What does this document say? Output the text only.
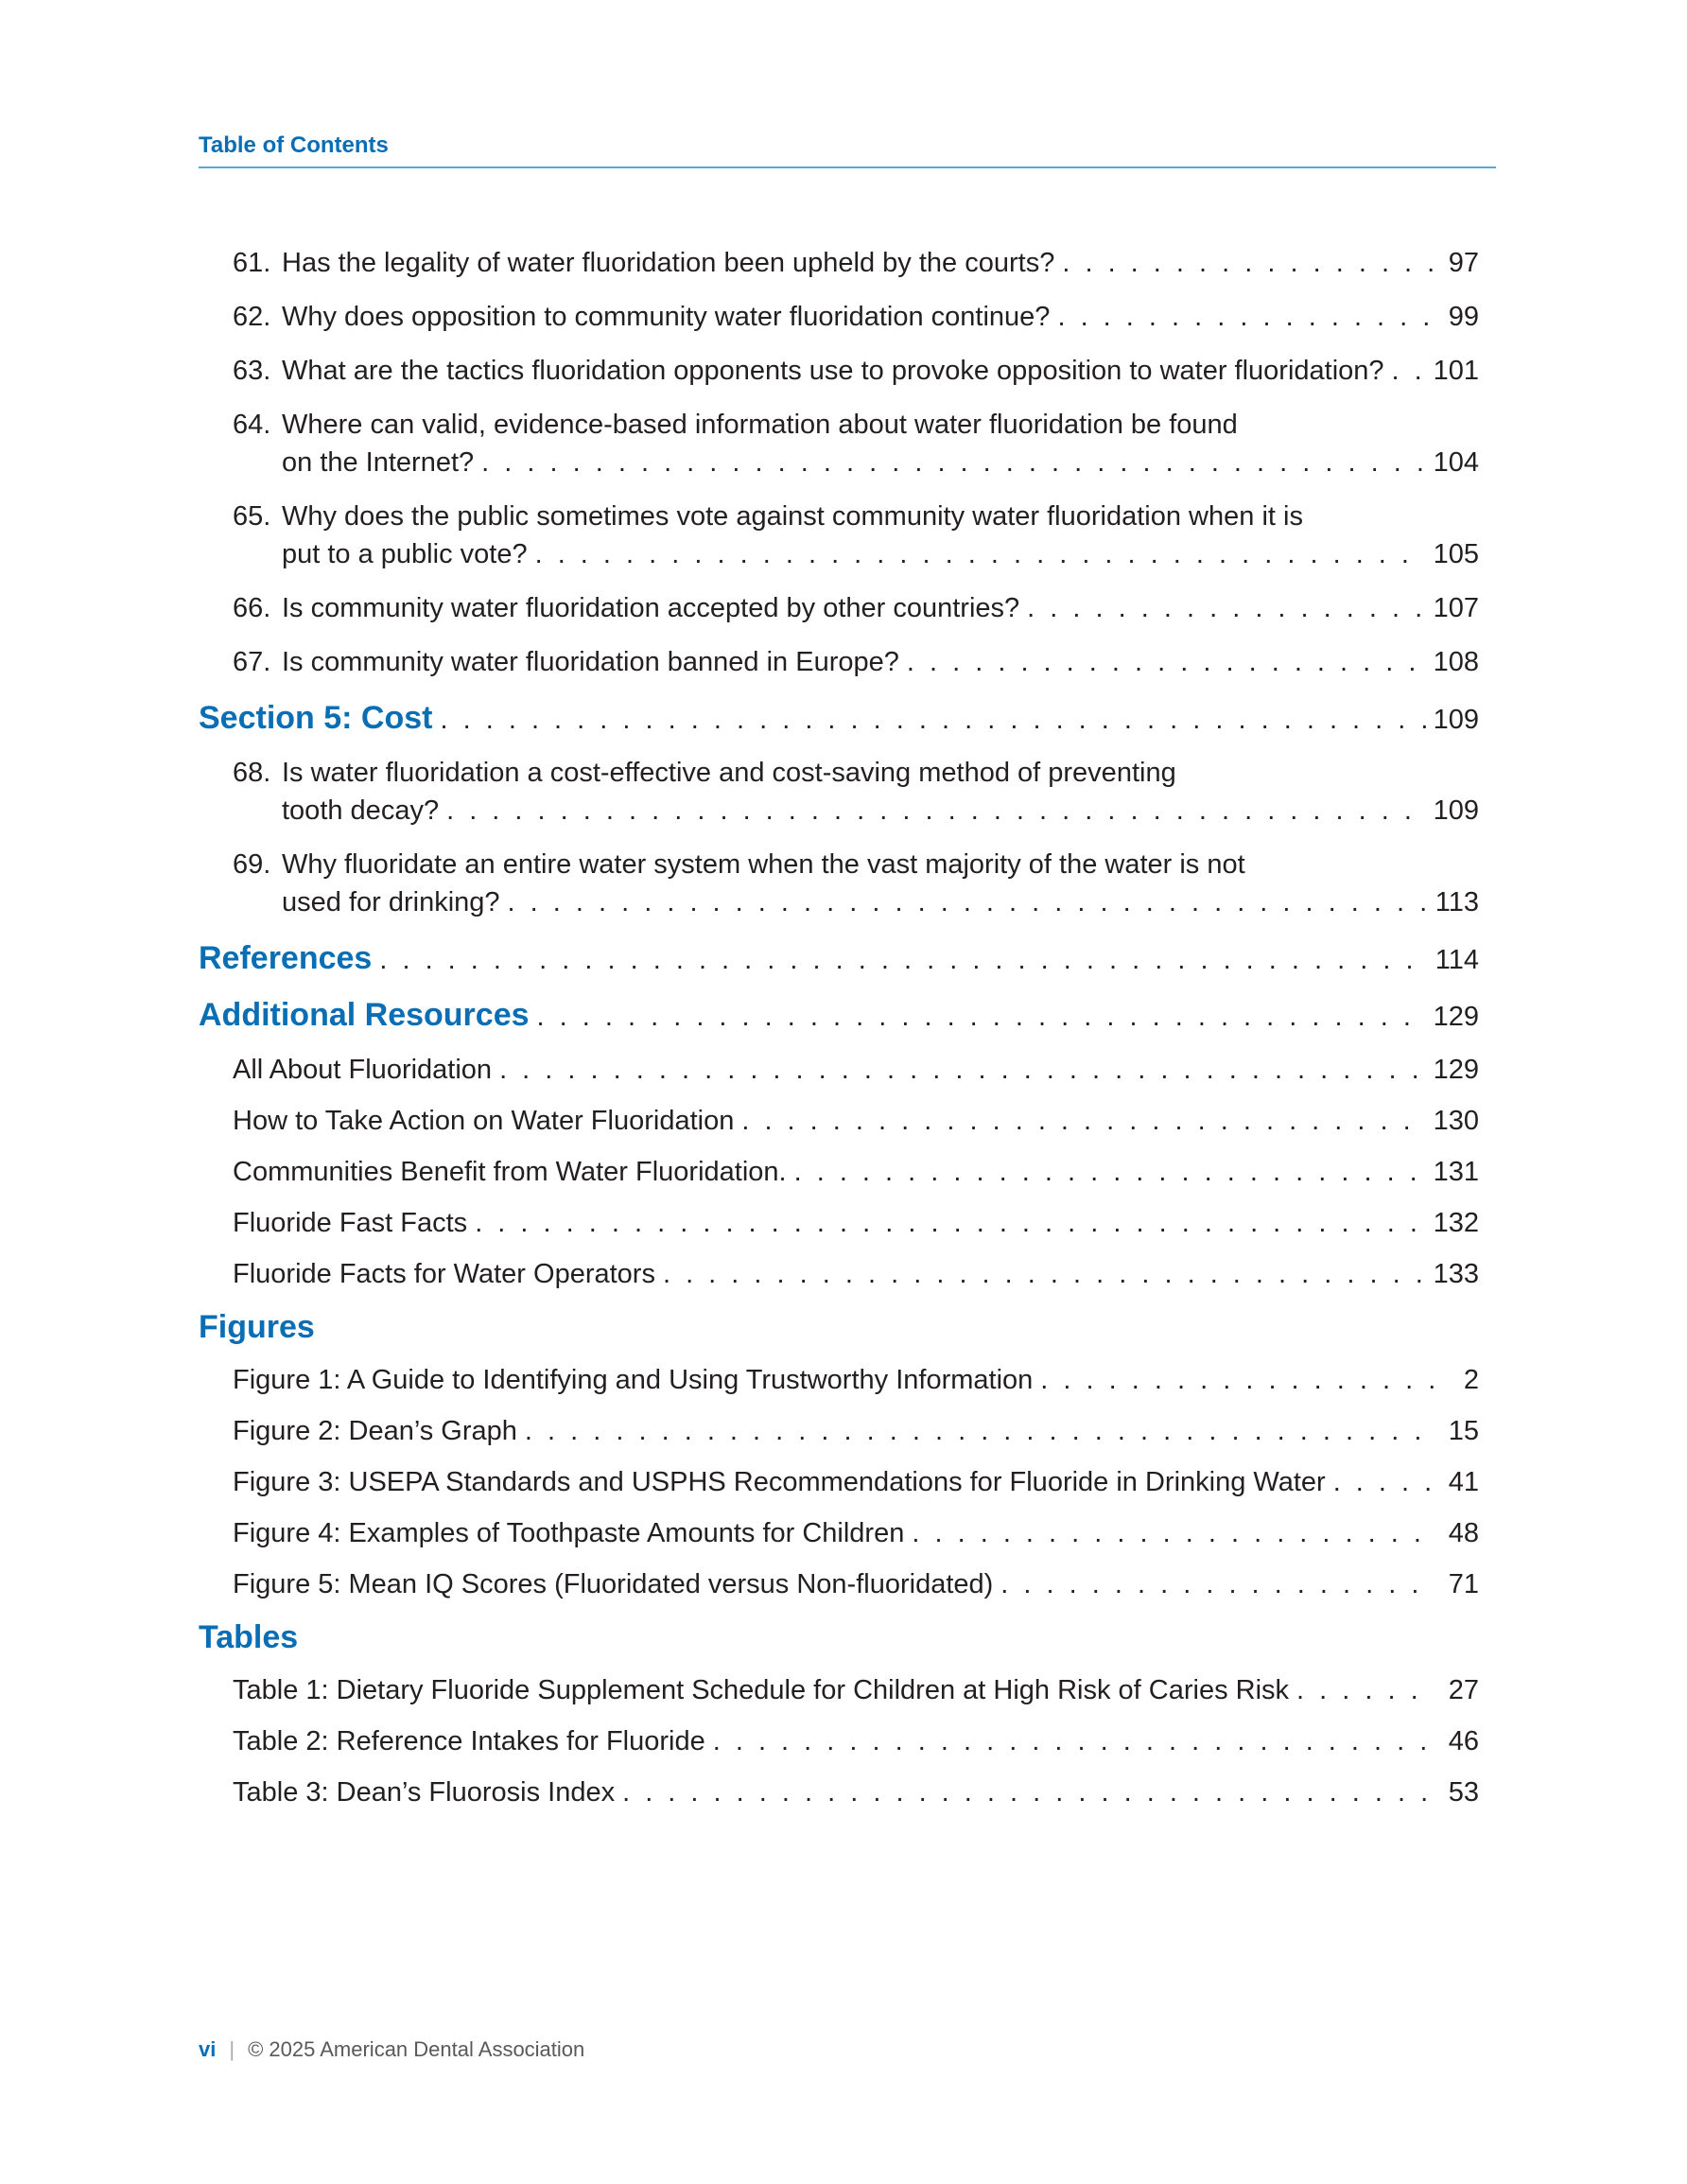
Table of Contents
61. Has the legality of water fluoridation been upheld by the courts? . . .	97
62. Why does opposition to community water fluoridation continue? . . .	99
63. What are the tactics fluoridation opponents use to provoke opposition to water fluoridation? . . . 101
64. Where can valid, evidence-based information about water fluoridation be found
on the Internet? . . .	104
65. Why does the public sometimes vote against community water fluoridation when it is
put to a public vote? . . .	105
66. Is community water fluoridation accepted by other countries? . . .	107
67. Is community water fluoridation banned in Europe? . . .	108
Section 5: Cost . . .	109
68. Is water fluoridation a cost-effective and cost-saving method of preventing
tooth decay? . . .	109
69. Why fluoridate an entire water system when the vast majority of the water is not
used for drinking? . . .	113
References . . .	114
Additional Resources . . .	129
All About Fluoridation . . .	129
How to Take Action on Water Fluoridation . . .	130
Communities Benefit from Water Fluoridation. . . .	131
Fluoride Fast Facts . . .	132
Fluoride Facts for Water Operators . . .	133
Figures
Figure 1: A Guide to Identifying and Using Trustworthy Information . . .	2
Figure 2: Dean’s Graph . . .	15
Figure 3: USEPA Standards and USPHS Recommendations for Fluoride in Drinking Water . . .	41
Figure 4: Examples of Toothpaste Amounts for Children . . .	48
Figure 5: Mean IQ Scores (Fluoridated versus Non-fluoridated) . . .	71
Tables
Table 1: Dietary Fluoride Supplement Schedule for Children at High Risk of Caries Risk . . .	27
Table 2: Reference Intakes for Fluoride . . .	46
Table 3: Dean’s Fluorosis Index . . .	53
vi | © 2025 American Dental Association
